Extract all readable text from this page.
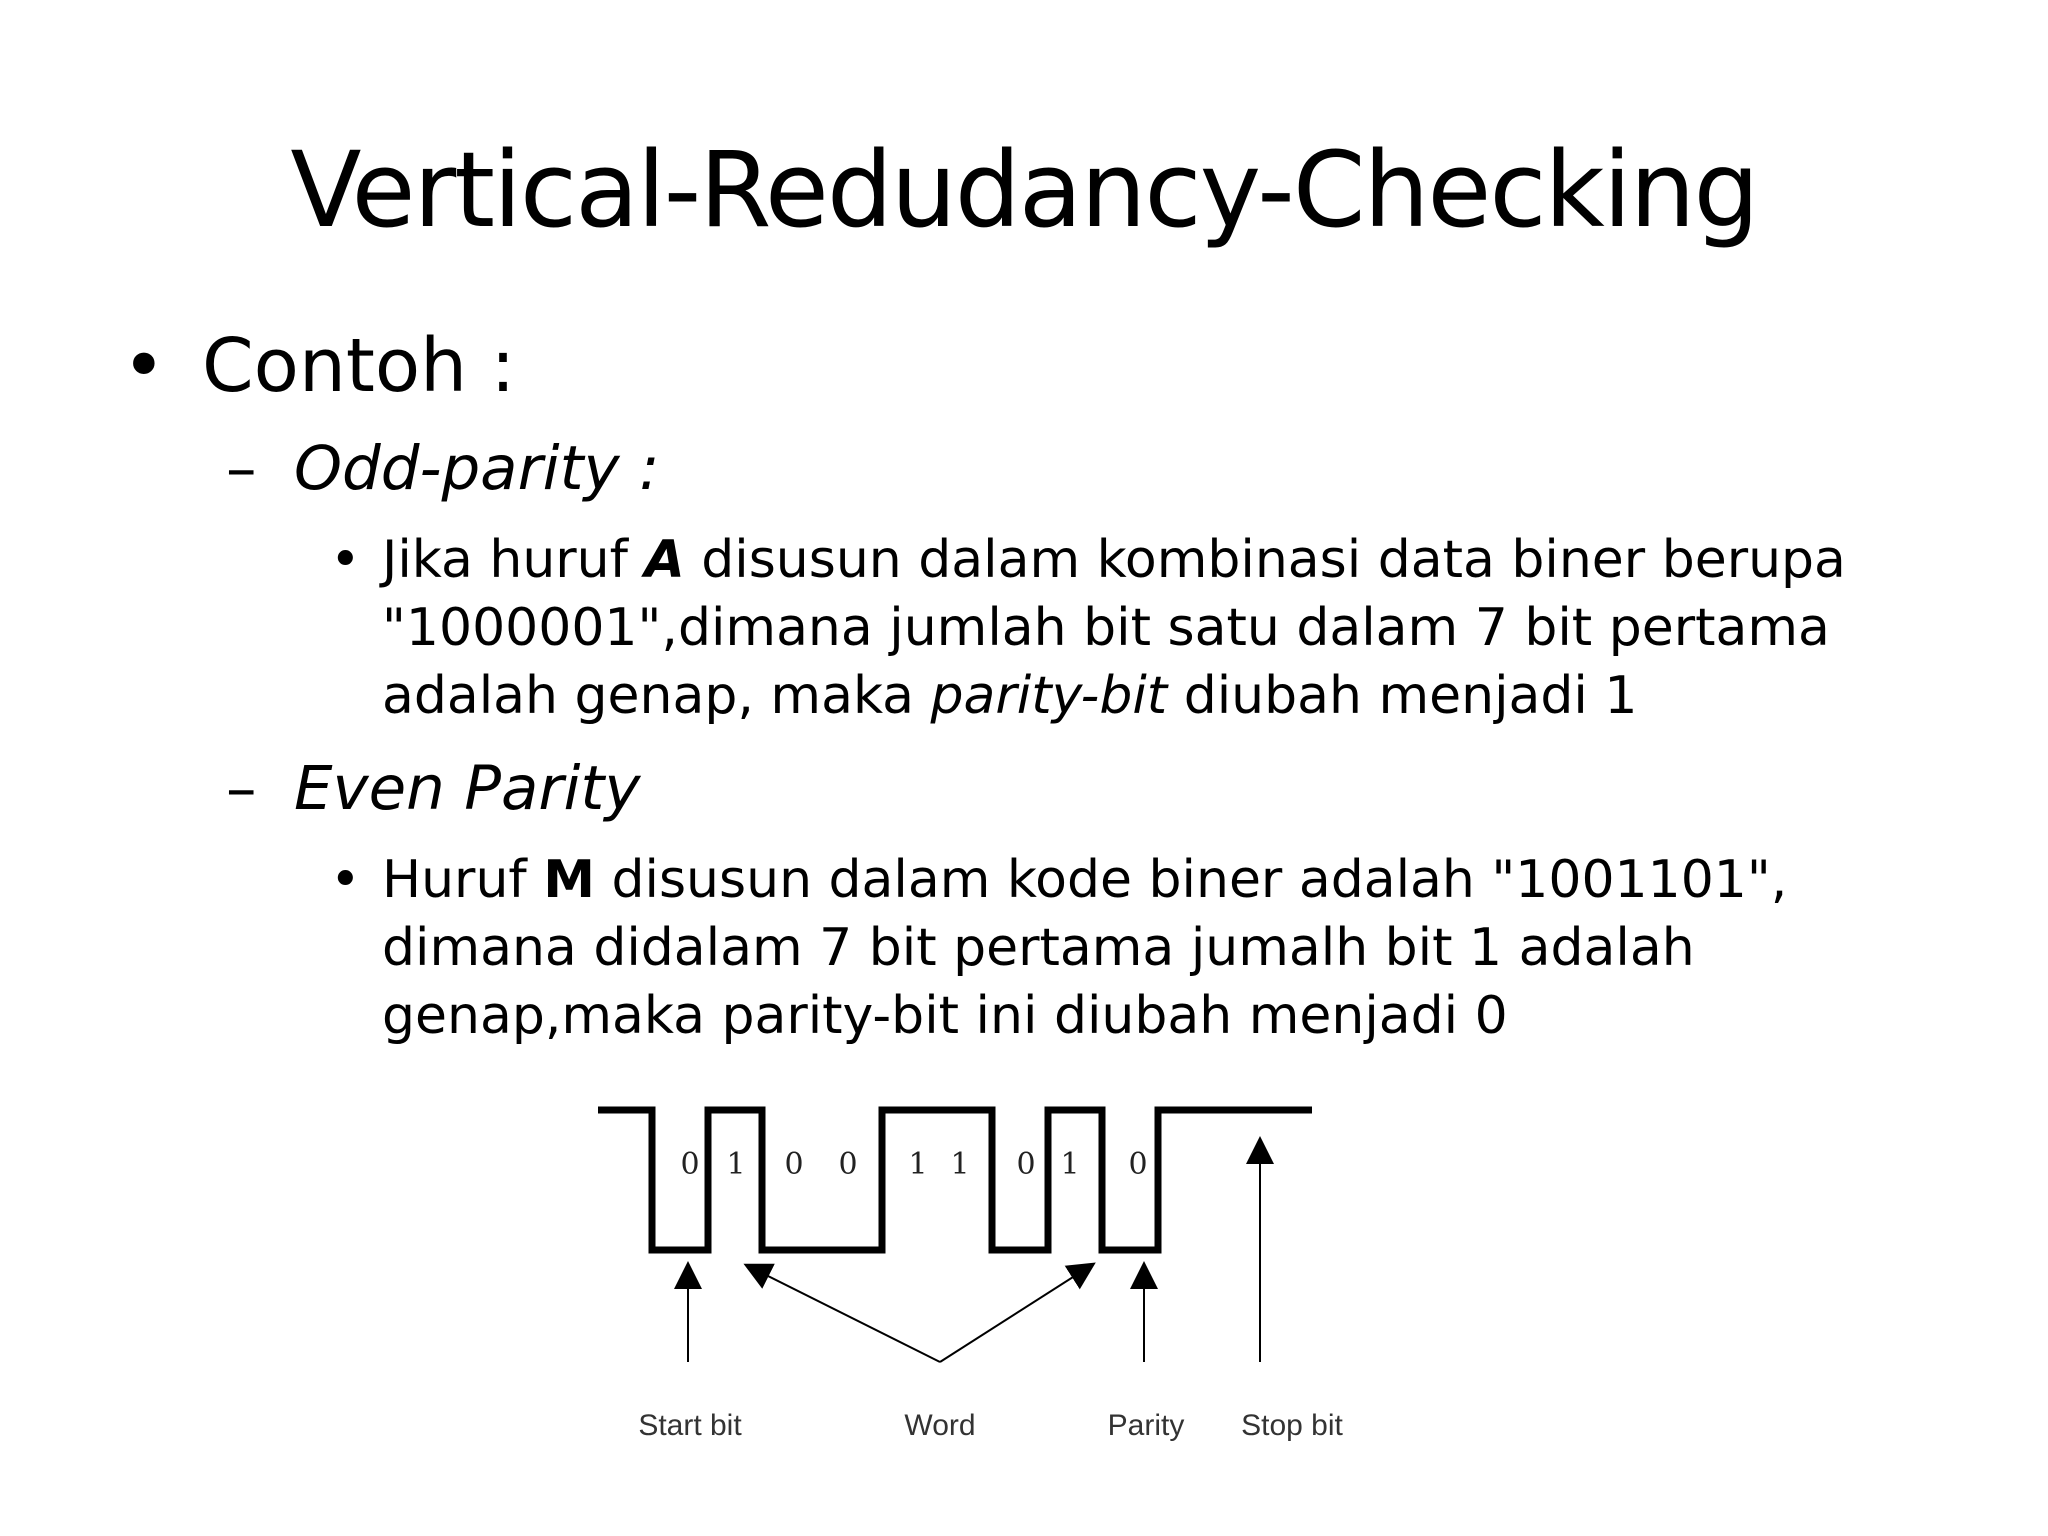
Vertical-Redudancy-Checking
• Contoh :
– Odd-parity :
• Jika huruf A disusun dalam kombinasi data biner berupa
"1000001",dimana jumlah bit satu dalam 7 bit pertama
adalah genap, maka parity-bit diubah menjadi 1
– Even Parity
• Huruf M disusun dalam kode biner adalah "1001101",
dimana didalam 7 bit pertama jumalh bit 1 adalah
genap,maka parity-bit ini diubah menjadi 0
0 1 0 0 1 1 0 1 0
Start bit	Word	Parity Stop bit
